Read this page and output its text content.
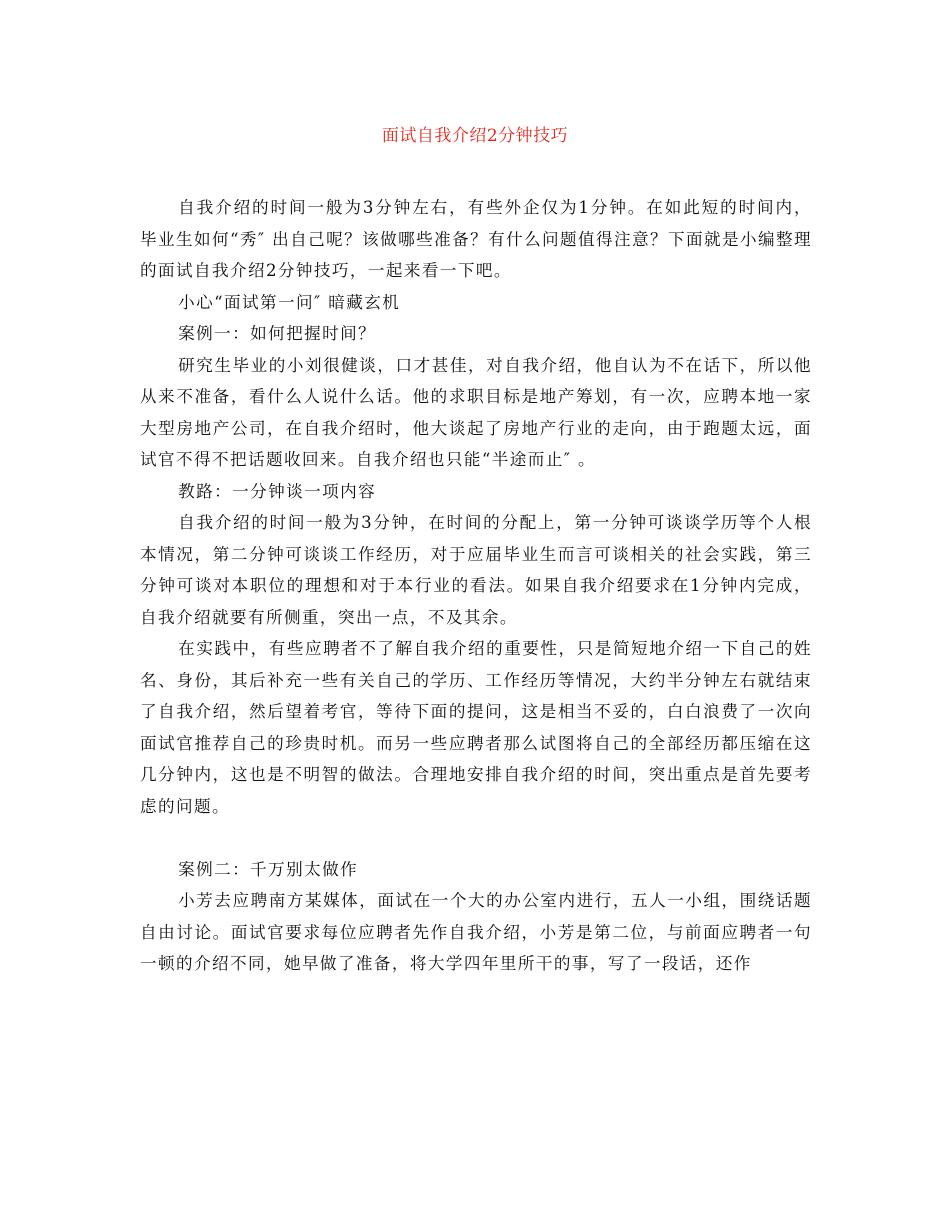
面试自我介绍2分钟技巧

自我介绍的时间一般为3分钟左右，有些外企仅为1分钟。在如此短的时间内，毕业生如何“秀″ 出自己呢？该做哪些准备？有什么问题值得注意？下面就是小编整理的面试自我介绍2分钟技巧，一起来看一下吧。

小心“面试第一问″ 暗藏玄机

案例一：如何把握时间？

研究生毕业的小刘很健谈，口才甚佳，对自我介绍，他自认为不在话下，所以他从来不准备，看什么人说什么话。他的求职目标是地产筹划，有一次，应聘本地一家大型房地产公司，在自我介绍时，他大谈起了房地产行业的走向，由于跑题太远，面试官不得不把话题收回来。自我介绍也只能“半途而止″ 。

教路：一分钟谈一项内容

自我介绍的时间一般为3分钟，在时间的分配上，第一分钟可谈谈学历等个人根本情况，第二分钟可谈谈工作经历，对于应届毕业生而言可谈相关的社会实践，第三分钟可谈对本职位的理想和对于本行业的看法。如果自我介绍要求在1分钟内完成，自我介绍就要有所侧重，突出一点，不及其余。

在实践中，有些应聘者不了解自我介绍的重要性，只是简短地介绍一下自己的姓名、身份，其后补充一些有关自己的学历、工作经历等情况，大约半分钟左右就结束了自我介绍，然后望着考官，等待下面的提问，这是相当不妥的，白白浪费了一次向面试官推荐自己的珍贵时机。而另一些应聘者那么试图将自己的全部经历都压缩在这几分钟内，这也是不明智的做法。合理地安排自我介绍的时间，突出重点是首先要考虑的问题。

案例二：千万别太做作

小芳去应聘南方某媒体，面试在一个大的办公室内进行，五人一小组，围绕话题自由讨论。面试官要求每位应聘者先作自我介绍，小芳是第二位，与前面应聘者一句一顿的介绍不同，她早做了准备，将大学四年里所干的事，写了一段话，还作
